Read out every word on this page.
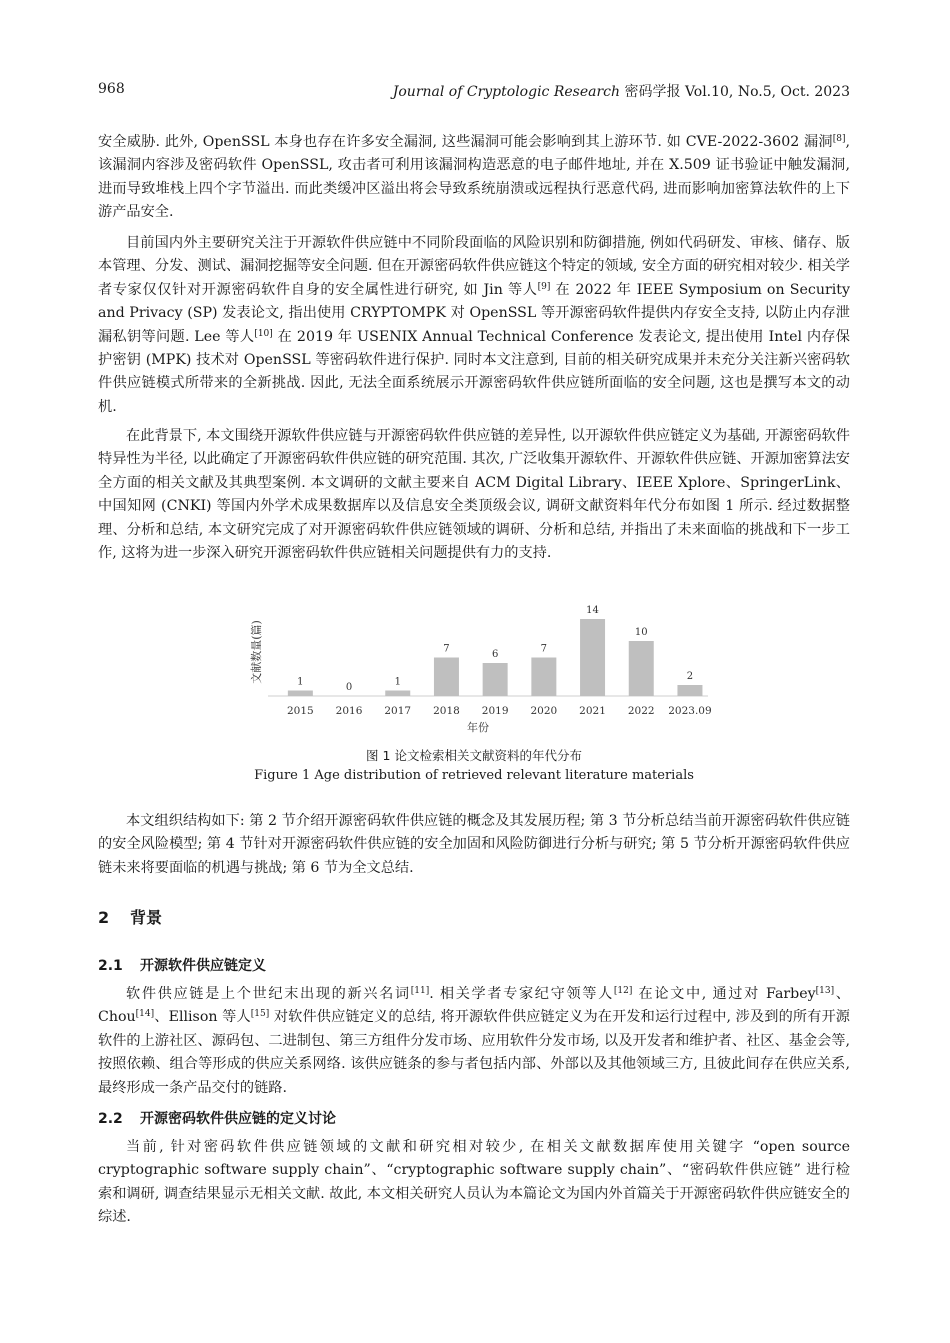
968	Journal of Cryptologic Research 密码学报 Vol.10, No.5, Oct. 2023

安全威胁. 此外, OpenSSL 本身也存在许多安全漏洞, 这些漏洞可能会影响到其上游环节. 如 CVE-2022-3602 漏洞[8], 该漏洞内容涉及密码软件 OpenSSL, 攻击者可利用该漏洞构造恶意的电子邮件地址, 并在 X.509 证书验证中触发漏洞, 进而导致堆栈上四个字节溢出. 而此类缓冲区溢出将会导致系统崩溃或远程执行恶意代码, 进而影响加密算法软件的上下游产品安全.

目前国内外主要研究关注于开源软件供应链中不同阶段面临的风险识别和防御措施, 例如代码研发、审核、储存、版本管理、分发、测试、漏洞挖掘等安全问题. 但在开源密码软件供应链这个特定的领域, 安全方面的研究相对较少. 相关学者专家仅仅针对开源密码软件自身的安全属性进行研究, 如 Jin 等人[9] 在 2022 年 IEEE Symposium on Security and Privacy (SP) 发表论文, 指出使用 CRYPTOMPK 对 OpenSSL 等开源密码软件提供内存安全支持, 以防止内存泄漏私钥等问题. Lee 等人[10] 在 2019 年 USENIX Annual Technical Conference 发表论文, 提出使用 Intel 内存保护密钥 (MPK) 技术对 OpenSSL 等密码软件进行保护. 同时本文注意到, 目前的相关研究成果并未充分关注新兴密码软件供应链模式所带来的全新挑战. 因此, 无法全面系统展示开源密码软件供应链所面临的安全问题, 这也是撰写本文的动机.

在此背景下, 本文围绕开源软件供应链与开源密码软件供应链的差异性, 以开源软件供应链定义为基础, 开源密码软件特异性为半径, 以此确定了开源密码软件供应链的研究范围. 其次, 广泛收集开源软件、开源软件供应链、开源加密算法安全方面的相关文献及其典型案例. 本文调研的文献主要来自 ACM Digital Library、IEEE Xplore、SpringerLink、中国知网 (CNKI) 等国内外学术成果数据库以及信息安全类顶级会议, 调研文献资料年代分布如图 1 所示. 经过数据整理、分析和总结, 本文研究完成了对开源密码软件供应链领域的调研、分析和总结, 并指出了未来面临的挑战和下一步工作, 这将为进一步深入研究开源密码软件供应链相关问题提供有力的支持.

文献数量(篇)
年份
1
2015
0
2016
1
2017
7
2018
6
2019
7
2020
14
2021
10
2022
2
2023.09
图 1 论文检索相关文献资料的年代分布
Figure 1 Age distribution of retrieved relevant literature materials

本文组织结构如下: 第 2 节介绍开源密码软件供应链的概念及其发展历程; 第 3 节分析总结当前开源密码软件供应链的安全风险模型; 第 4 节针对开源密码软件供应链的安全加固和风险防御进行分析与研究; 第 5 节分析开源密码软件供应链未来将要面临的机遇与挑战; 第 6 节为全文总结.

2 背景
2.1 开源软件供应链定义

软件供应链是上个世纪末出现的新兴名词[11]. 相关学者专家纪守领等人[12] 在论文中, 通过对 Farbey[13]、Chou[14]、Ellison 等人[15] 对软件供应链定义的总结, 将开源软件供应链定义为在开发和运行过程中, 涉及到的所有开源软件的上游社区、源码包、二进制包、第三方组件分发市场、应用软件分发市场, 以及开发者和维护者、社区、基金会等, 按照依赖、组合等形成的供应关系网络. 该供应链条的参与者包括内部、外部以及其他领域三方, 且彼此间存在供应关系, 最终形成一条产品交付的链路.

2.2 开源密码软件供应链的定义讨论

当前, 针对密码软件供应链领域的文献和研究相对较少, 在相关文献数据库使用关键字 “open source cryptographic software supply chain”、“cryptographic software supply chain”、“密码软件供应链” 进行检索和调研, 调查结果显示无相关文献. 故此, 本文相关研究人员认为本篇论文为国内外首篇关于开源密码软件供应链安全的综述.
